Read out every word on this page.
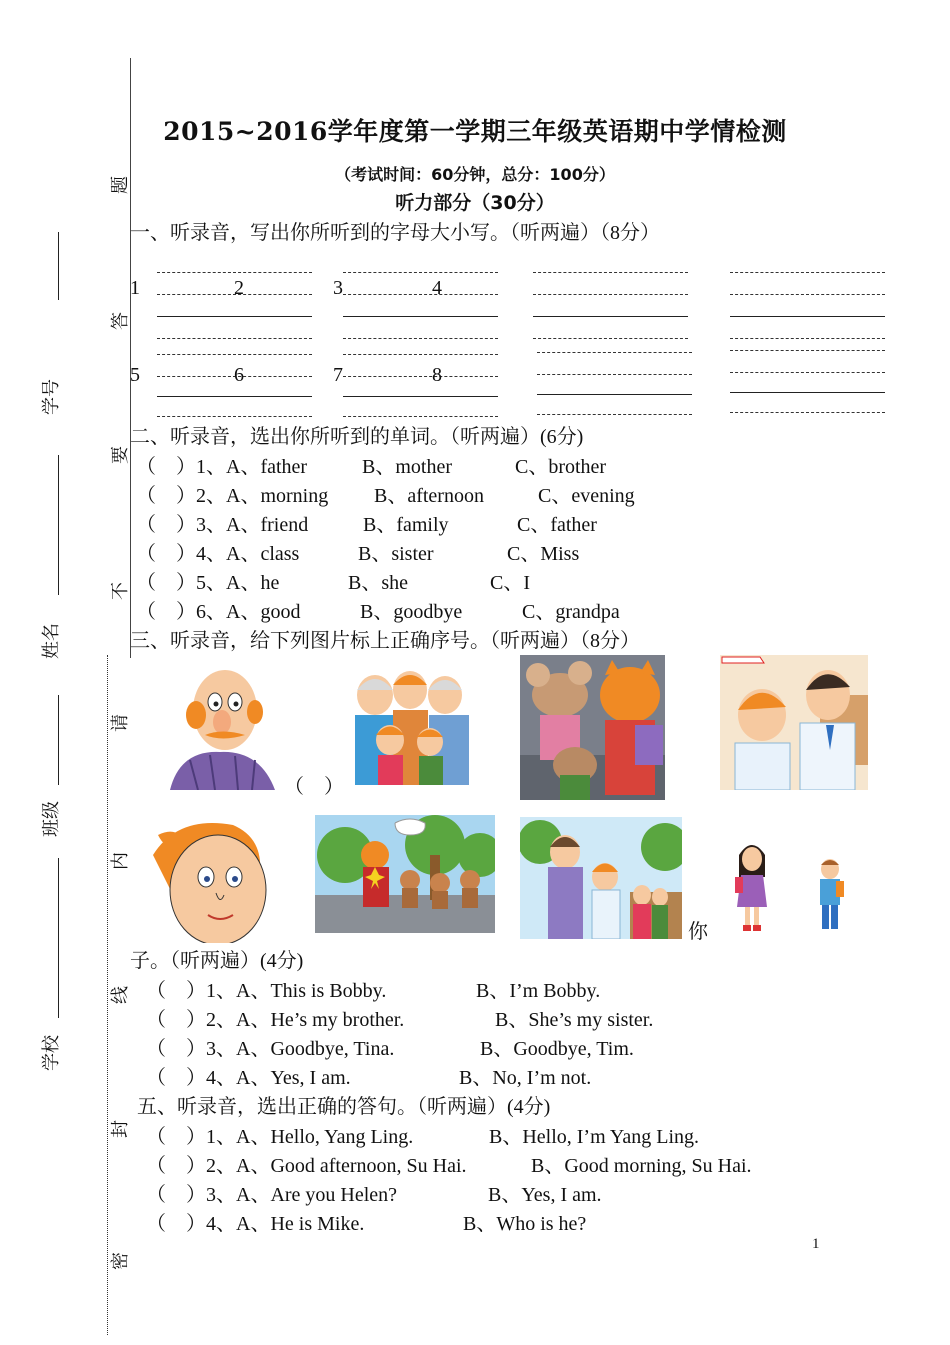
题
答
要
不
请
内
线
封
密
学号
姓名
班级
学校
2015~2016学年度第一学期三年级英语期中学情检测
（考试时间：60分钟，总分：100分）
听力部分（30分）
一、听录音，写出你所听到的字母大小写。（听两遍）（8分）
1	2	3	4
5	6	7	8
二、听录音，选出你所听到的单词。（听两遍）(6分)
（　）1、A、father	B、mother	C、brother
（　）2、A、morning B、afternoon	C、evening
（　）3、A、friend	B、family	C、father
（　）4、A、class	B、sister	C、Miss
（　）5、A、he	B、she	C、I
（　）6、A、good	B、goodbye	C、grandpa
三、听录音，给下列图片标上正确序号。（听两遍）（8分）
（　）
你
子。（听两遍）(4分)
（　）1、A、This is Bobby.	B、I’m Bobby.
（　）2、A、He’s my brother.	B、She’s my sister.
（　）3、A、Goodbye, Tina.	B、Goodbye, Tim.
（　）4、A、Yes, I am.	B、No, I’m not.
五、听录音，选出正确的答句。（听两遍）(4分)
（　）1、A、Hello, Yang Ling.	B、Hello, I’m Yang Ling.
（　）2、A、Good afternoon, Su Hai.	B、Good morning, Su Hai.
（　）3、A、Are you Helen?	B、Yes, I am.
（　）4、A、He is Mike.	B、Who is he?
1
